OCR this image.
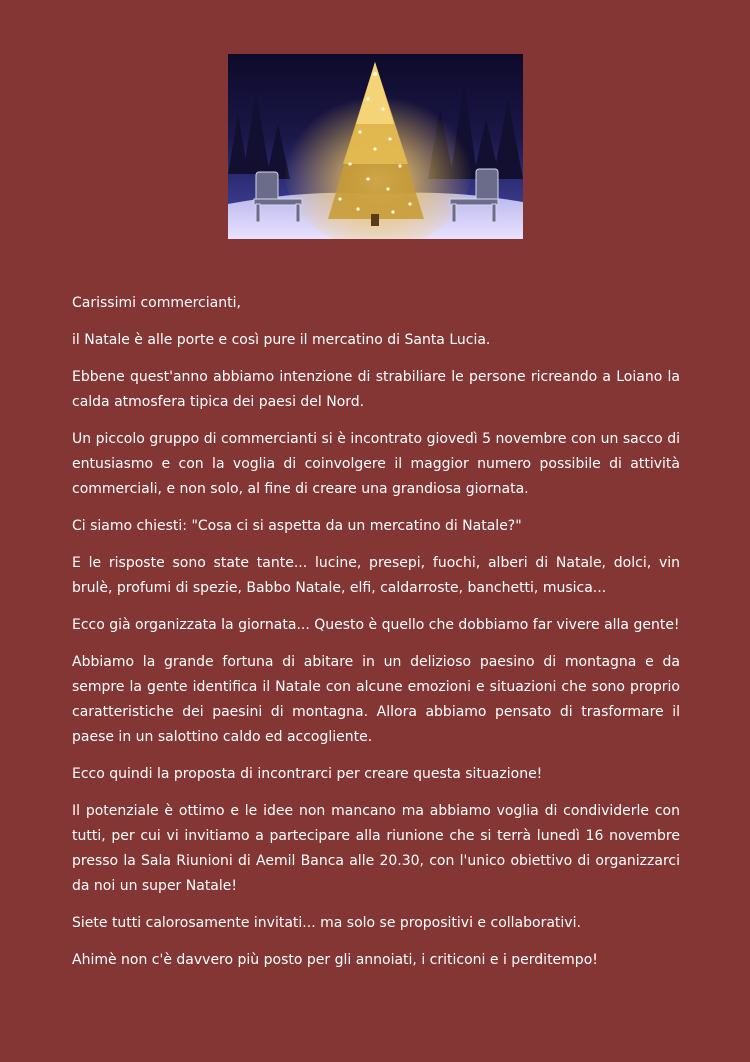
Carissimi commercianti,

il Natale è alle porte e così pure il mercatino di Santa Lucia.

Ebbene quest'anno abbiamo intenzione di strabiliare le persone ricreando a Loiano la calda atmosfera tipica dei paesi del Nord.

Un piccolo gruppo di commercianti si è incontrato giovedì 5 novembre con un sacco di entusiasmo e con la voglia di coinvolgere il maggior numero possibile di attività commerciali, e non solo, al fine di creare una grandiosa giornata.

Ci siamo chiesti: "Cosa ci si aspetta da un mercatino di Natale?"

E le risposte sono state tante... lucine, presepi, fuochi, alberi di Natale, dolci, vin brulè, profumi di spezie, Babbo Natale, elfi, caldarroste, banchetti, musica...

Ecco già organizzata la giornata... Questo è quello che dobbiamo far vivere alla gente!

Abbiamo la grande fortuna di abitare in un delizioso paesino di montagna e da sempre la gente identifica il Natale con alcune emozioni e situazioni che sono proprio caratteristiche dei paesini di montagna. Allora abbiamo pensato di trasformare il paese in un salottino caldo ed accogliente.

Ecco quindi la proposta di incontrarci per creare questa situazione!

Il potenziale è ottimo e le idee non mancano ma abbiamo voglia di condividerle con tutti, per cui vi invitiamo a partecipare alla riunione che si terrà lunedì 16 novembre presso la Sala Riunioni di Aemil Banca alle 20.30, con l'unico obiettivo di organizzarci da noi un super Natale!

Siete tutti calorosamente invitati... ma solo se propositivi e collaborativi.

Ahimè non c'è davvero più posto per gli annoiati, i criticoni e i perditempo!
